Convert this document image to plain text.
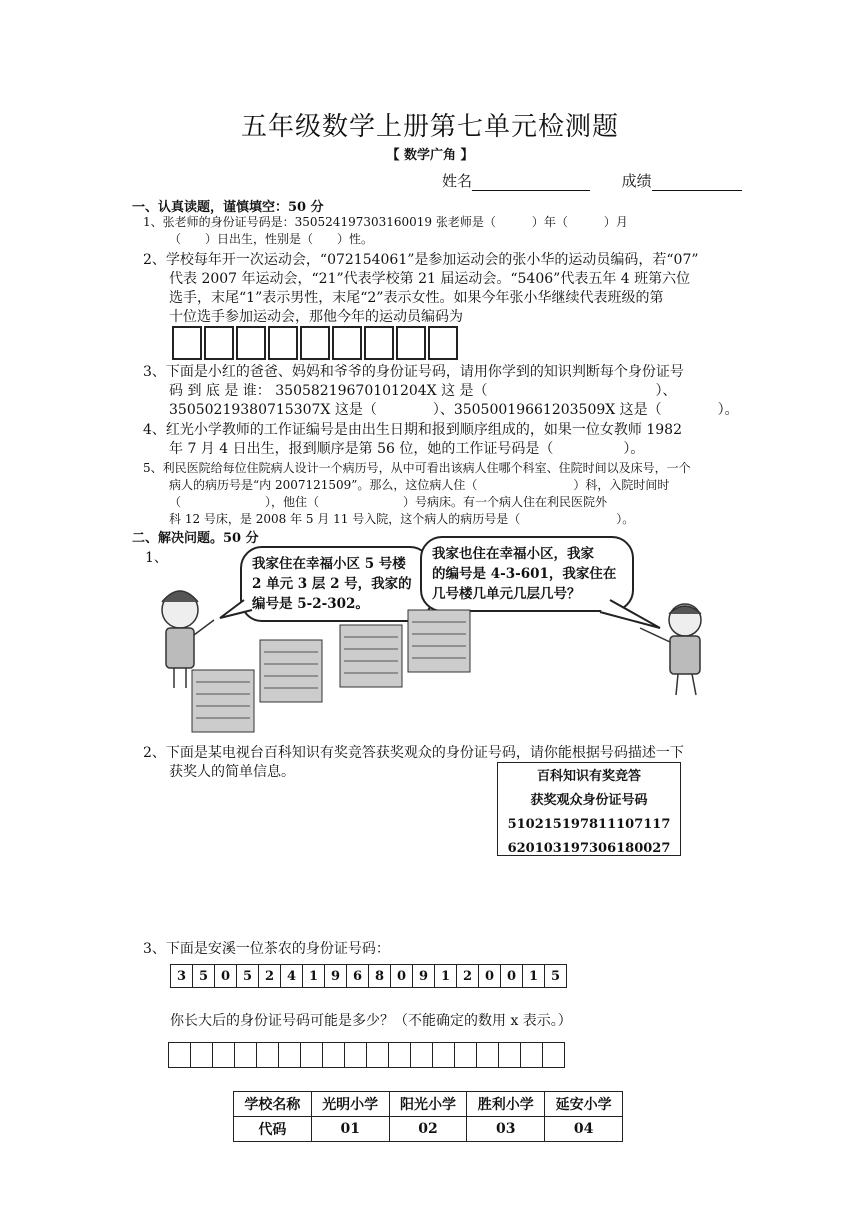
五年级数学上册第七单元检测题
【 数学广角 】
姓名	成绩
一、认真读题，谨慎填空：50 分
1、张老师的身份证号码是：350524197303160019 张老师是（　　　）年（　　　）月
（　　）日出生，性别是（　　）性。
2、学校每年开一次运动会，“072154061”是参加运动会的张小华的运动员编码，若“07”
代表 2007 年运动会，“21”代表学校第 21 届运动会。“5406”代表五年 4 班第六位
选手，末尾“1”表示男性，末尾“2”表示女性。如果今年张小华继续代表班级的第
十位选手参加运动会，那他今年的运动员编码为
3、下面是小红的爸爸、妈妈和爷爷的身份证号码，请用你学到的知识判断每个身份证号
码 到 底 是 谁： 350582196701012​04X 这 是（　　　　　　　　　　　　）、
35050219380715307X 这是（　　　　）、35050019661203509X 这是（　　　　）。
4、红光小学教师的工作证编号是由出生日期和报到顺序组成的，如果一位女教师 1982
年 7 月 4 日出生，报到顺序是第 56 位，她的工作证号码是（　　　　　）。
5、利民医院给每位住院病人设计一个病历号，从中可看出该病人住哪个科室、住院时间以及床号，一个
病人的病历号是“内 2007121509”。那么，这位病人住（　　　　　　　　）科，入院时间时
（　　　　　　　），他住（　　　　　　　）号病床。有一个病人住在利民医院外
科 12 号床，是 2008 年 5 月 11 号入院，这个病人的病历号是（　　　　　　　　）。
二、解决问题。50 分
1、	我家住在幸福小区 5 号楼
2 单元 3 层 2 号，我家的
编号是 5-2-302。
我家也住在幸福小区，我家
的编号是 4-3-601，我家住在
几号楼几单元几层几号？
2、下面是某电视台百科知识有奖竞答获奖观众的身份证号码，请你能根据号码描述一下
获奖人的简单信息。	百科知识有奖竞答
获奖观众身份证号码
510215197811107117
620103197306180027
3、下面是安溪一位茶农的身份证号码：
3	5	0	5	2	4	1	9	6	8	0	9	1	2	0	0	1	5
你长大后的身份证号码可能是多少？（不能确定的数用 x 表示。）

学校名称	光明小学	阳光小学	胜利小学	延安小学
代码	01	02	03	04
